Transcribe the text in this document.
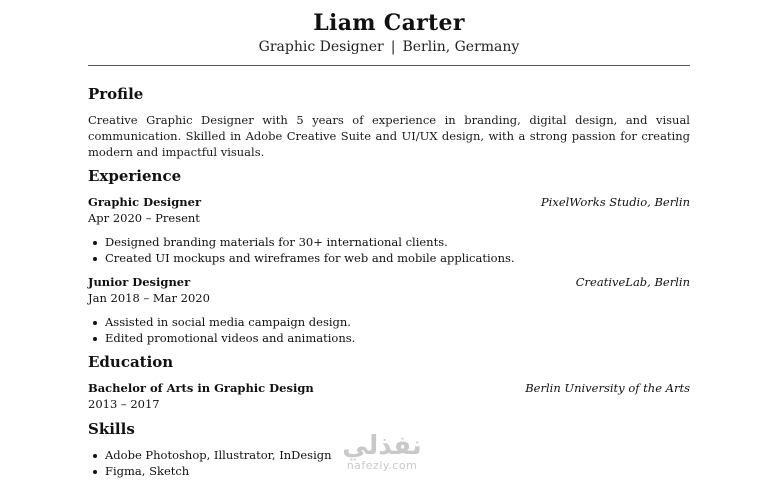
Liam Carter
Graphic Designer | Berlin, Germany
Profile
Creative Graphic Designer with 5 years of experience in branding, digital design, and visual communication. Skilled in Adobe Creative Suite and UI/UX design, with a strong passion for creating modern and impactful visuals.
Experience
Graphic Designer	PixelWorks Studio, Berlin
Apr 2020 – Present
Designed branding materials for 30+ international clients.
Created UI mockups and wireframes for web and mobile applications.
Junior Designer	CreativeLab, Berlin
Jan 2018 – Mar 2020
Assisted in social media campaign design.
Edited promotional videos and animations.
Education
Bachelor of Arts in Graphic Design	Berlin University of the Arts
2013 – 2017
Skills
Adobe Photoshop, Illustrator, InDesign
Figma, Sketch
نفذلي
nafezly.com
